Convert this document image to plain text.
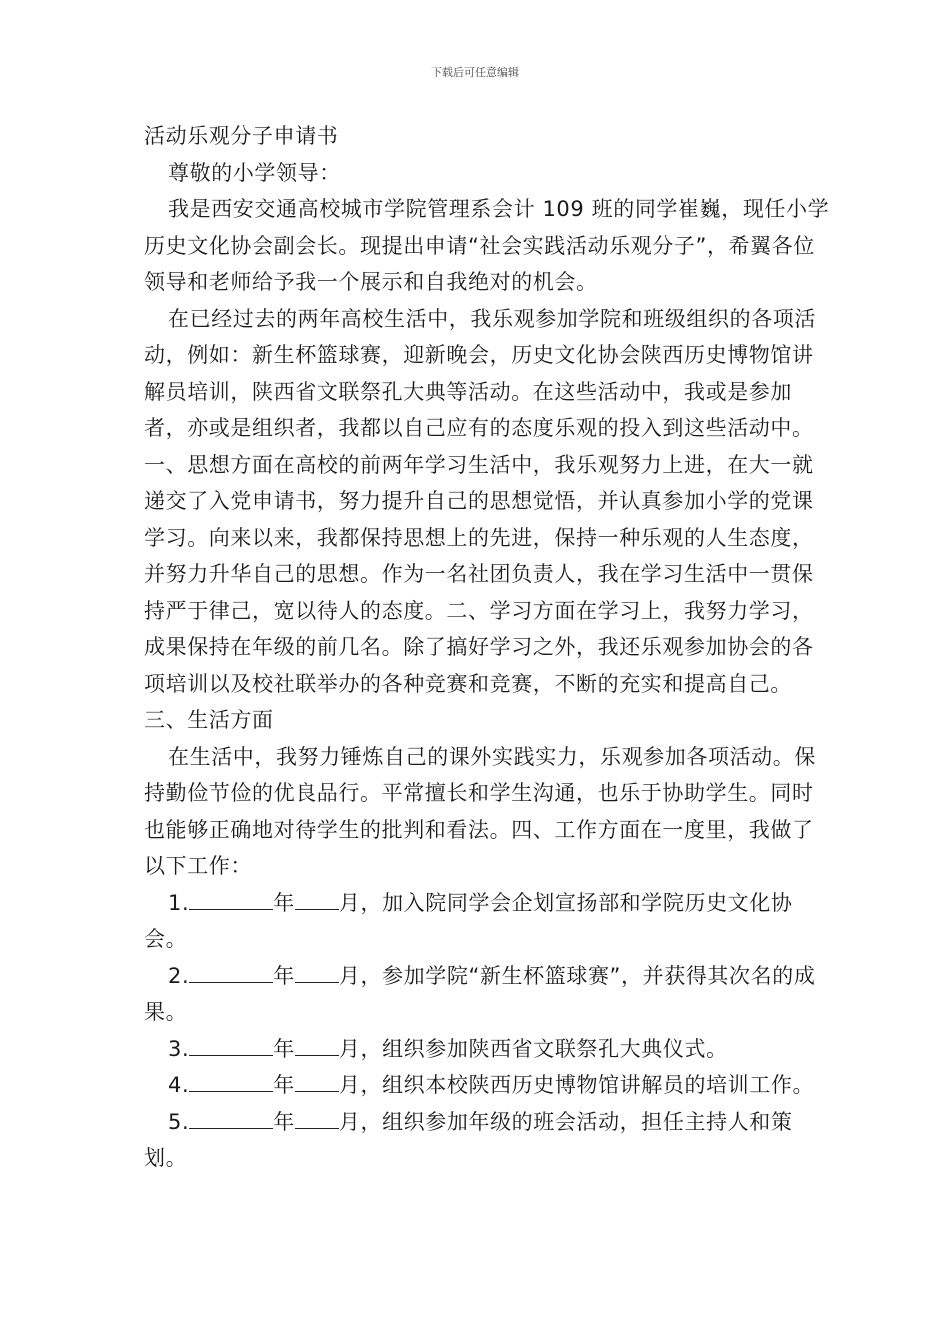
下载后可任意编辑
活动乐观分子申请书

尊敬的小学领导：

我是西安交通高校城市学院管理系会计 109 班的同学崔巍，现任小学历史文化协会副会长。现提出申请“社会实践活动乐观分子”，希翼各位领导和老师给予我一个展示和自我绝对的机会。

在已经过去的两年高校生活中，我乐观参加学院和班级组织的各项活动，例如：新生杯篮球赛，迎新晚会，历史文化协会陕西历史博物馆讲解员培训，陕西省文联祭孔大典等活动。在这些活动中，我或是参加者，亦或是组织者，我都以自己应有的态度乐观的投入到这些活动中。一、思想方面在高校的前两年学习生活中，我乐观努力上进，在大一就递交了入党申请书，努力提升自己的思想觉悟，并认真参加小学的党课学习。向来以来，我都保持思想上的先进，保持一种乐观的人生态度，并努力升华自己的思想。作为一名社团负责人，我在学习生活中一贯保持严于律己，宽以待人的态度。二、学习方面在学习上，我努力学习，成果保持在年级的前几名。除了搞好学习之外，我还乐观参加协会的各项培训以及校社联举办的各种竞赛和竞赛，不断的充实和提高自己。三、生活方面

在生活中，我努力锤炼自己的课外实践实力，乐观参加各项活动。保持勤俭节俭的优良品行。平常擅长和学生沟通，也乐于协助学生。同时也能够正确地对待学生的批判和看法。四、工作方面在一度里，我做了以下工作：

1.	年 月，加入院同学会企划宣扬部和学院历史文化协会。

2.	年 月，参加学院“新生杯篮球赛”，并获得其次名的成果。

3.	年 月，组织参加陕西省文联祭孔大典仪式。

4.	年 月，组织本校陕西历史博物馆讲解员的培训工作。

5.	年 月，组织参加年级的班会活动，担任主持人和策划。
